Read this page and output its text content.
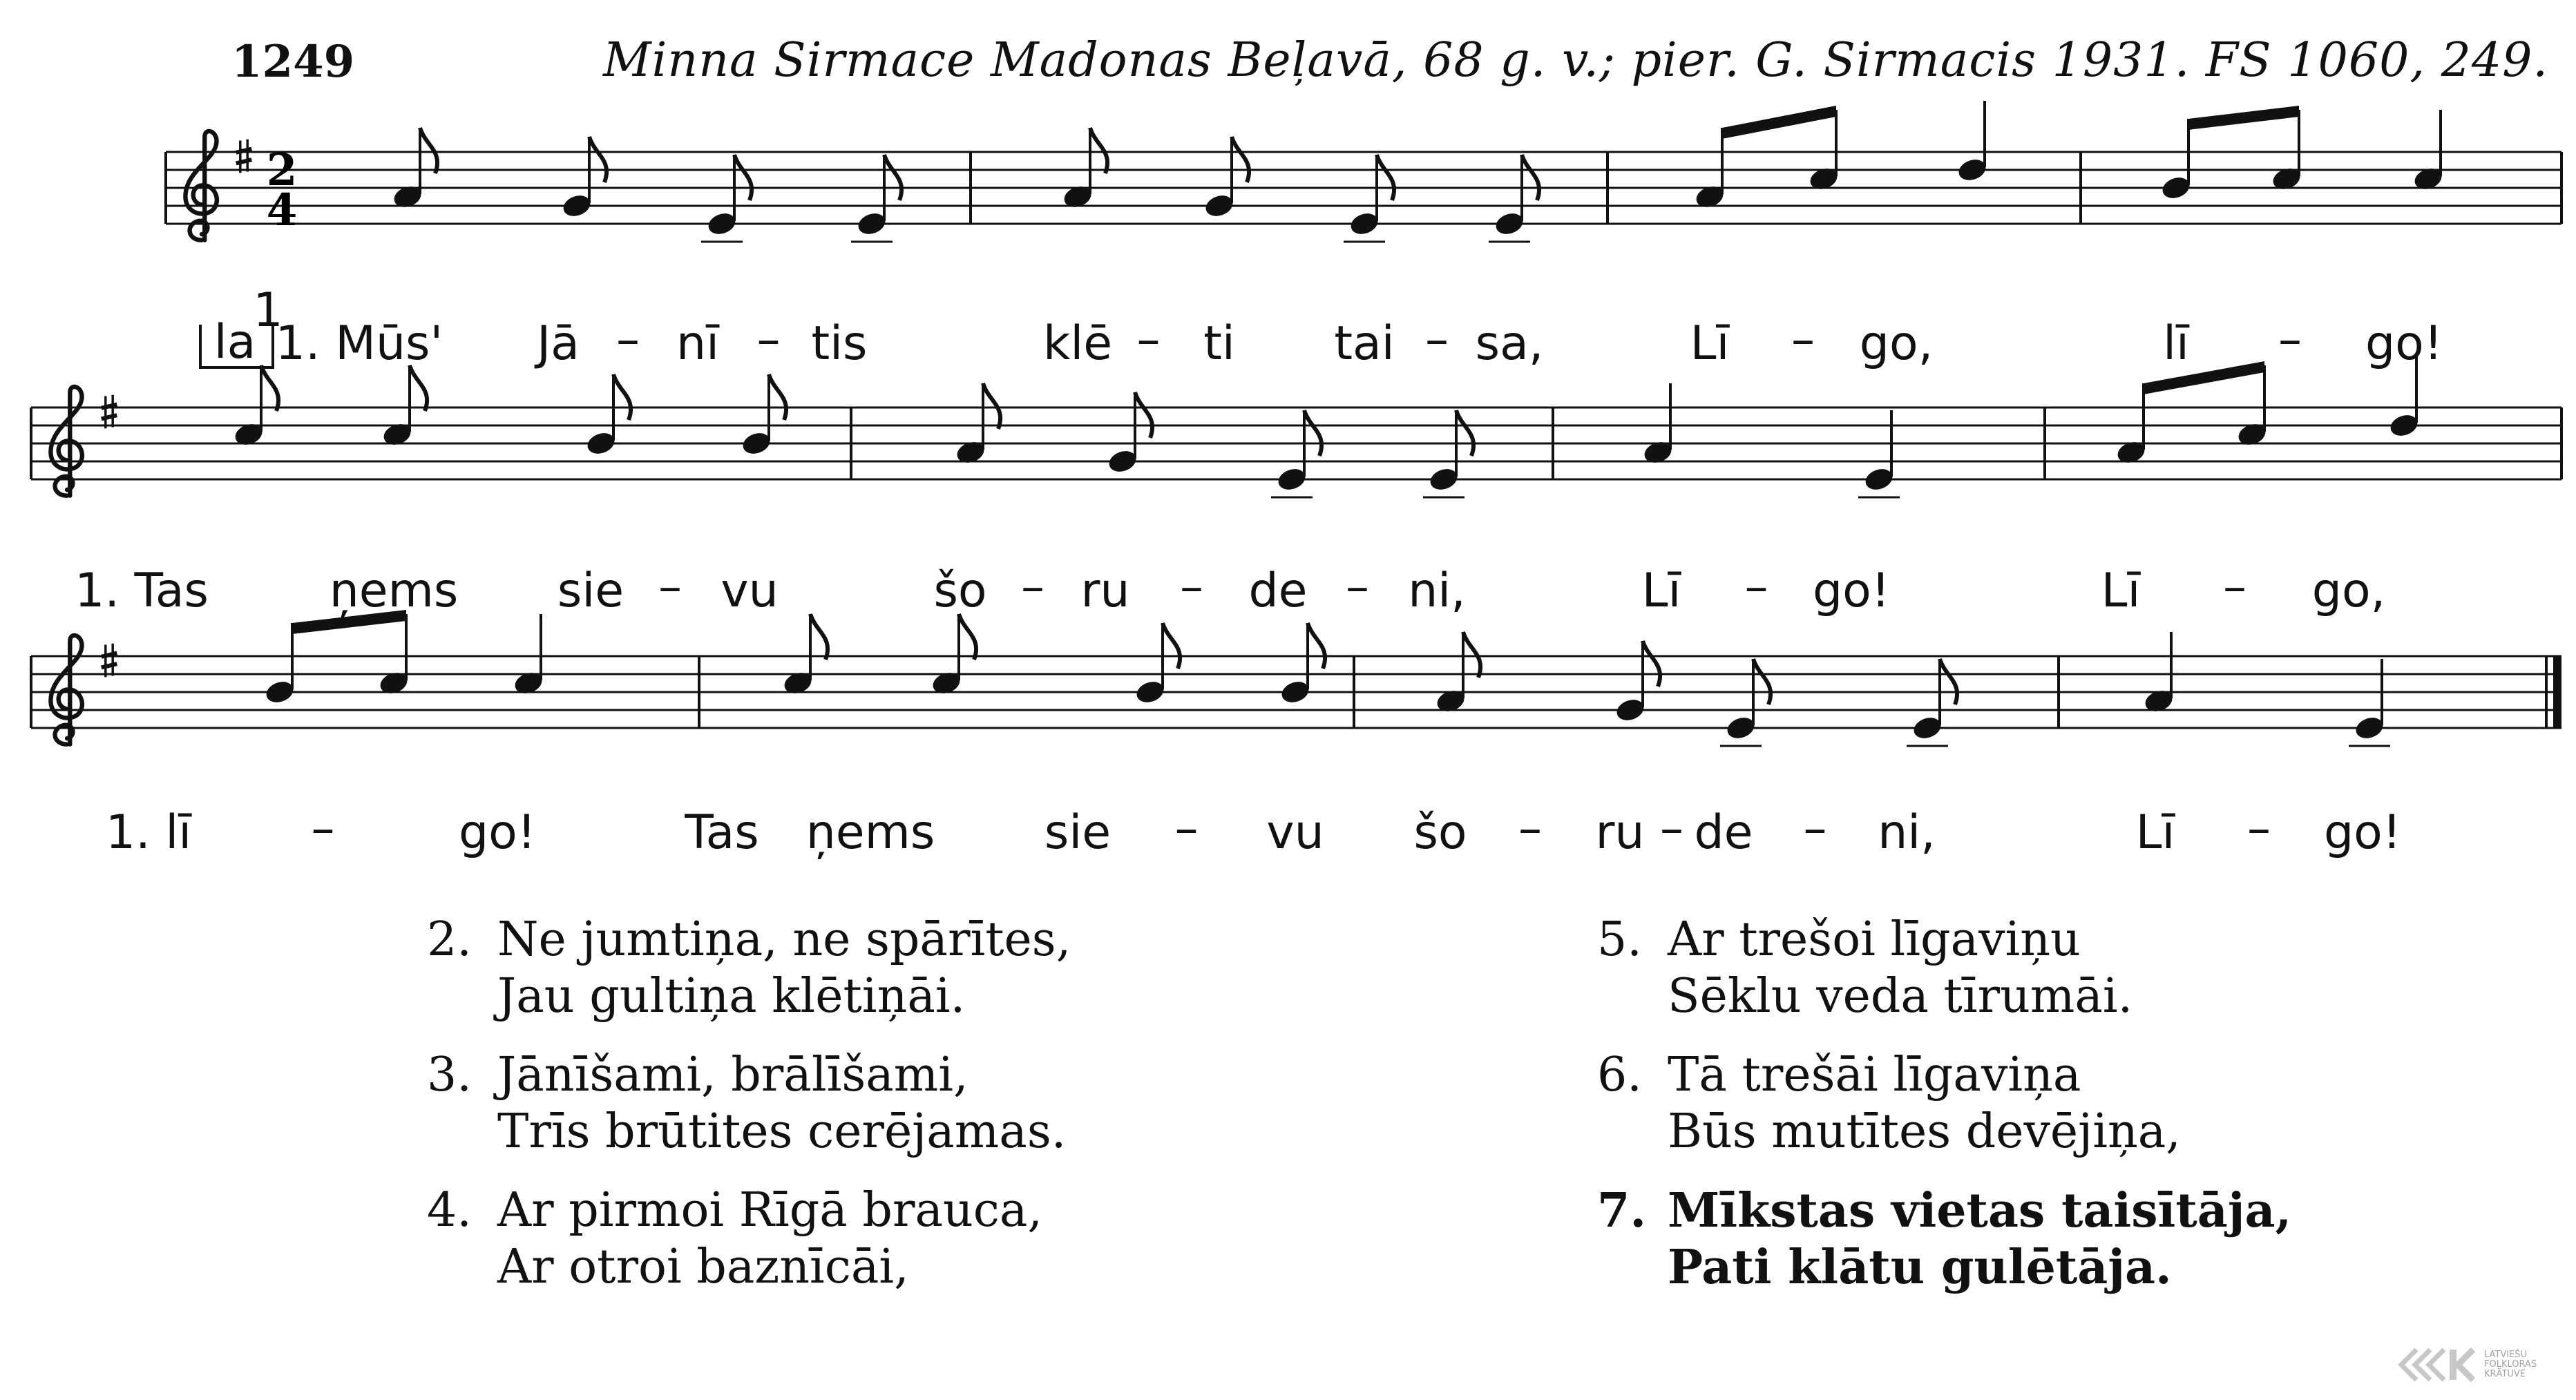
1249	Minna Sirmace Madonas Beļavā, 68 g. v.; pier. G. Sirmacis 1931. FS 1060, 249.
2
4
1. Mūs' Jā nī tis	klē ti tai sa,	Lī	go,	lī	go!
1. Tas	ņems sie vu	šo ru	de ni,	Lī	go!	Lī	go,
1. lī	go!	Tas ņems sie	vu šo	ru de	ni,	Lī	go!
– –	–	–	–	–
–	–	–	–	–	–
–	–	–	–	–	–
la
1
2. Ne jumtiņa, ne spārītes,
Jau gultiņa klētiņāi.
3. Jānīšami, brālīšami,
Trīs brūtites cerējamas.
4. Ar pirmoi Rīgā brauca,
Ar otroi baznīcāi,
5. Ar trešoi līgaviņu
Sēklu veda tīrumāi.
6. Tā trešāi līgaviņa
Būs mutītes devējiņa,
7. Mīkstas vietas taisītāja,
Pati klātu gulētāja.
LATVIEŠU
FOLKLORAS
KRĀTUVE
